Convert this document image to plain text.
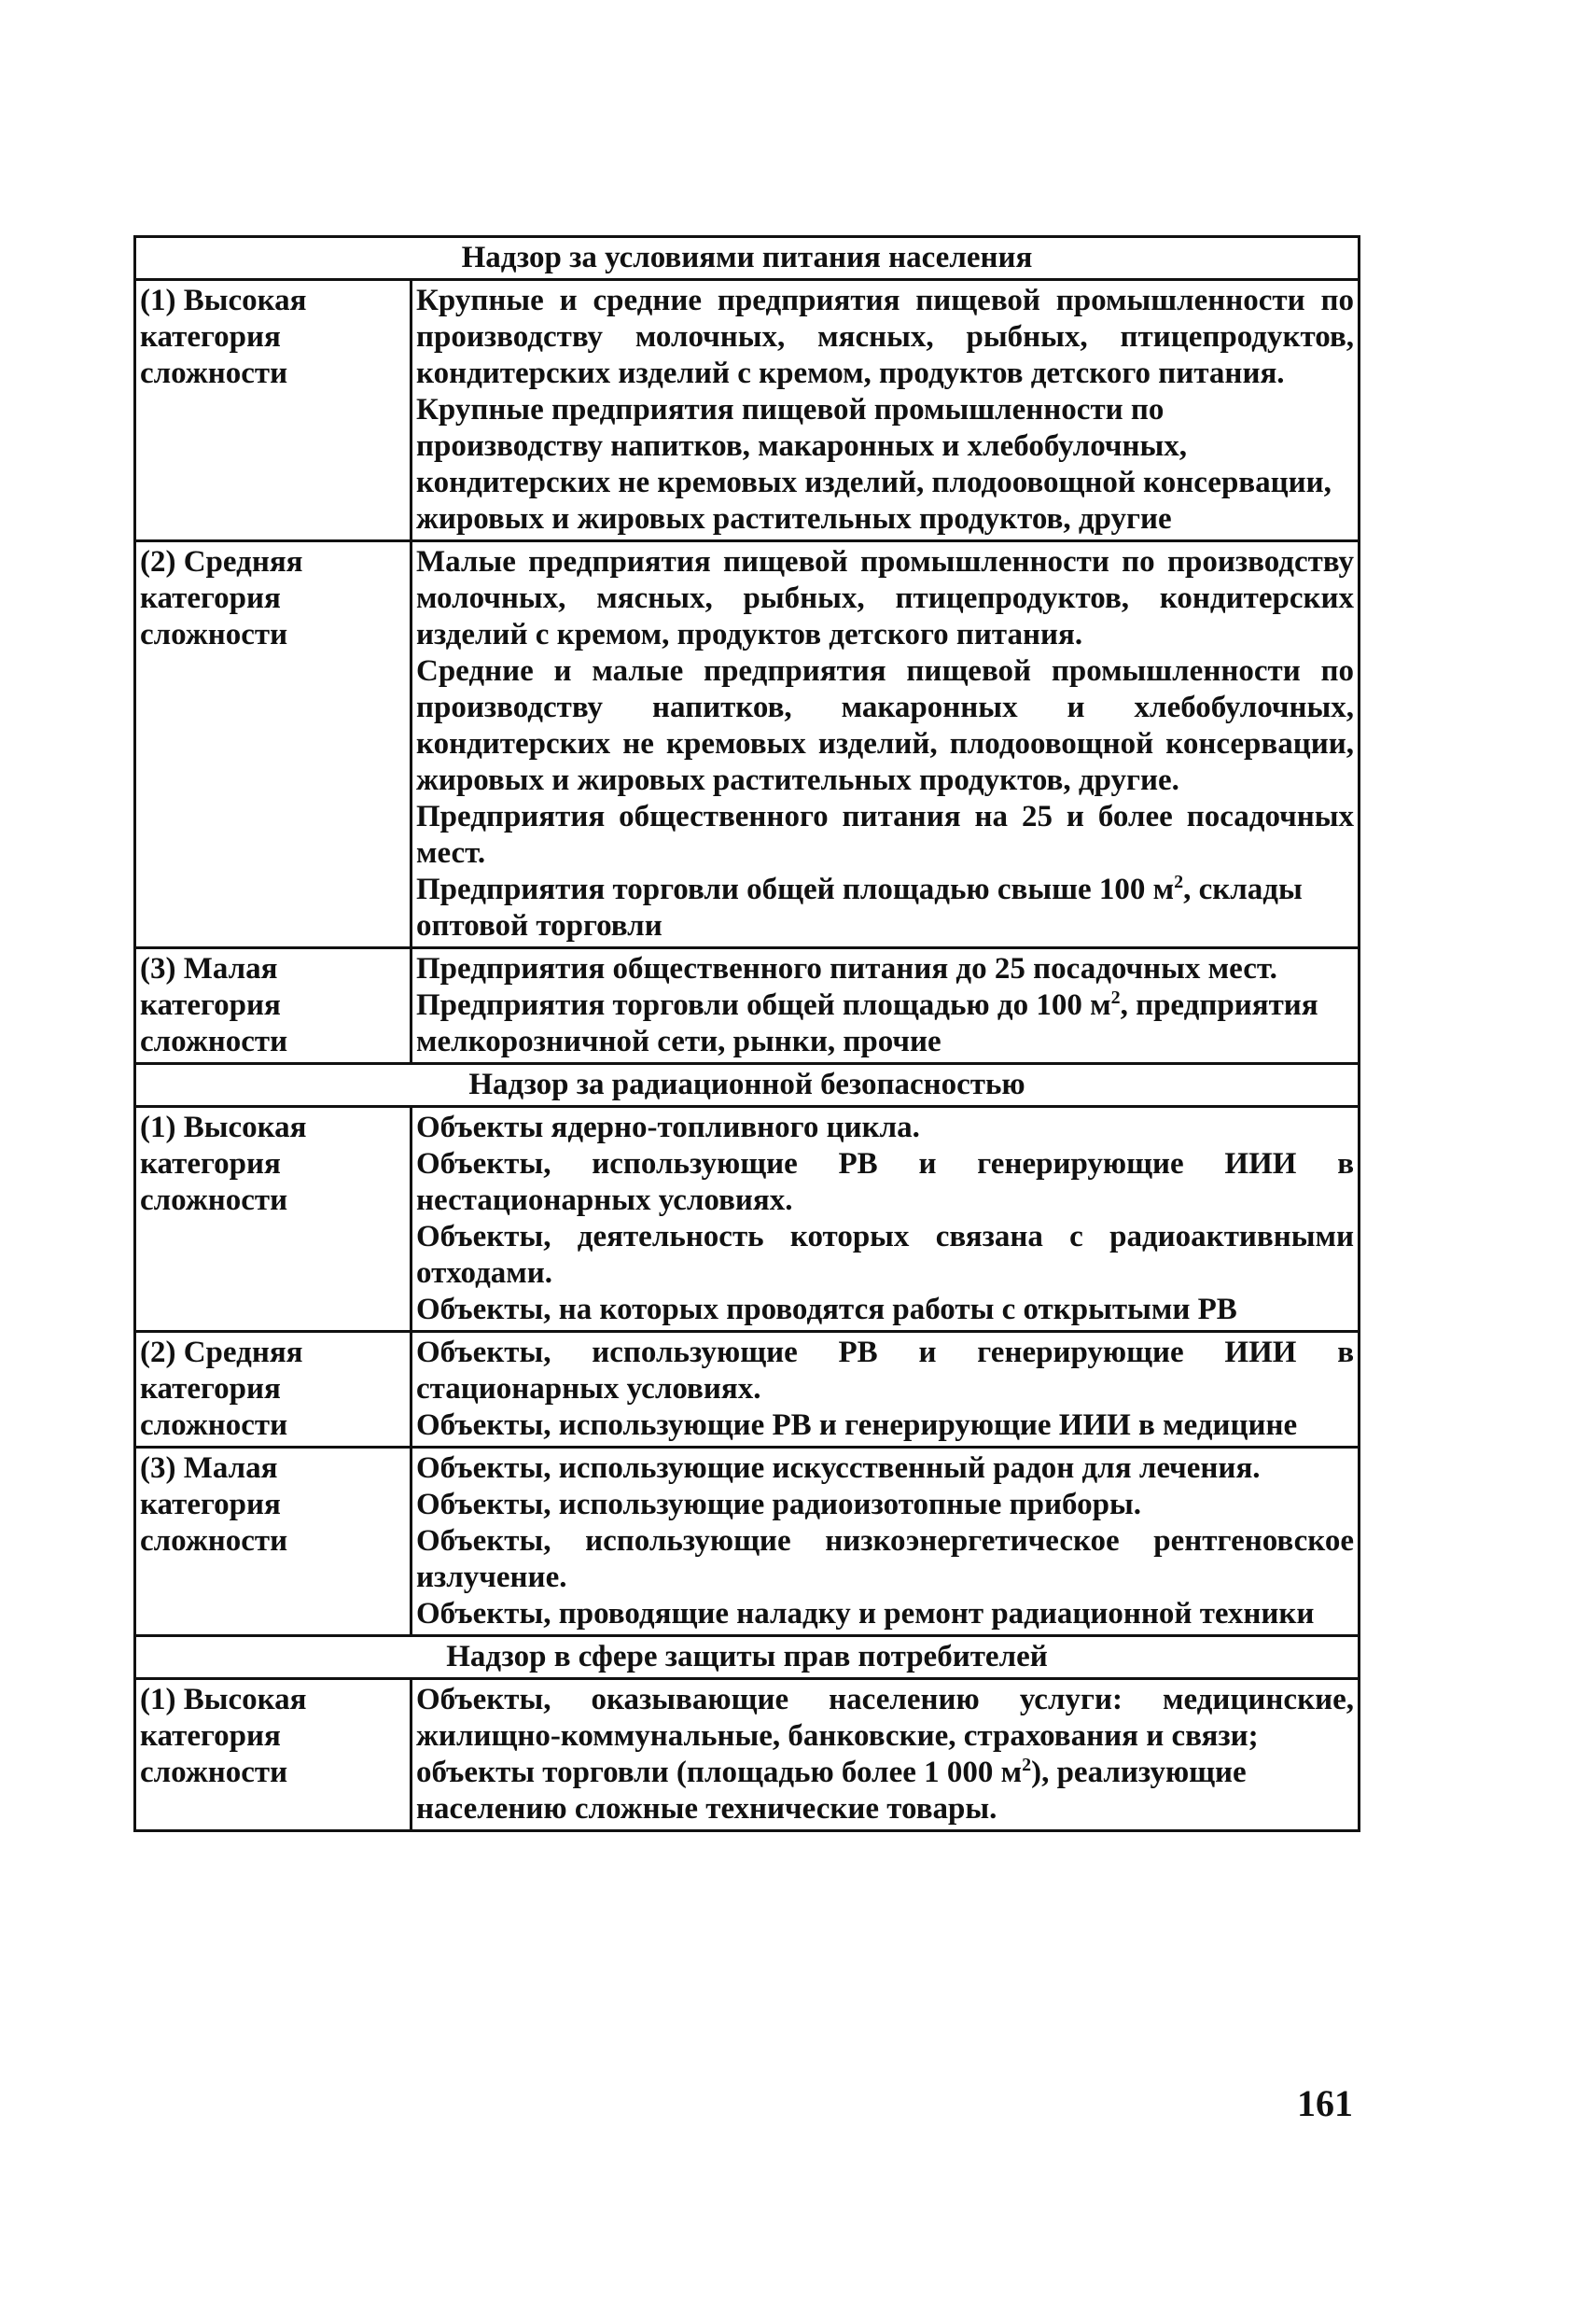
Надзор за условиями питания населения	
(1) Высокая категория сложности	Крупные и средние предприятия пищевой промышленности по производству молочных, мясных, рыбных, птицепродуктов, кондитерских изделий с кремом, продуктов детского питания.

Крупные предприятия пищевой промышленности по производству напитков, макаронных и хлебобулочных, кондитерских не кремовых изделий, плодоовощной консервации, жировых и жировых растительных продуктов, другие

(2) Средняя категория сложности	Малые предприятия пищевой промышленности по производству молочных, мясных, рыбных, птицепродуктов, кондитерских изделий с кремом, продуктов детского питания.

Средние и малые предприятия пищевой промышленности по производству напитков, макаронных и хлебобулочных, кондитерских не кремовых изделий, плодоовощной консервации, жировых и жировых растительных продуктов, другие.

Предприятия общественного питания на 25 и более посадочных мест.

Предприятия торговли общей площадью свыше 100 $м^2$, склады оптовой торговли

(3) Малая категория сложности	Предприятия общественного питания до 25 посадочных мест.

Предприятия торговли общей площадью до 100 $м^2$, предприятия мелкорозничной сети, рынки, прочие

Надзор за радиационной безопасностью	
(1) Высокая категория сложности	Объекты ядерно-топливного цикла.

Объекты, использующие РВ и генерирующие ИИИ в нестационарных условиях.

Объекты, деятельность которых связана с радиоактивными отходами.

Объекты, на которых проводятся работы с открытыми РВ

(2) Средняя категория сложности	Объекты, использующие РВ и генерирующие ИИИ в стационарных условиях.

Объекты, использующие РВ и генерирующие ИИИ в медицине

(3) Малая категория сложности	Объекты, использующие искусственный радон для лечения.

Объекты, использующие радиоизотопные приборы.

Объекты, использующие низкоэнергетическое рентгеновское излучение.

Объекты, проводящие наладку и ремонт радиационной техники

Надзор в сфере защиты прав потребителей	
(1) Высокая категория сложности	Объекты, оказывающие населению услуги: медицинские, жилищно-коммунальные, банковские, страхования и связи;

объекты торговли (площадью более 1 000 $м^2$), реализующие населению сложные технические товары.

161
